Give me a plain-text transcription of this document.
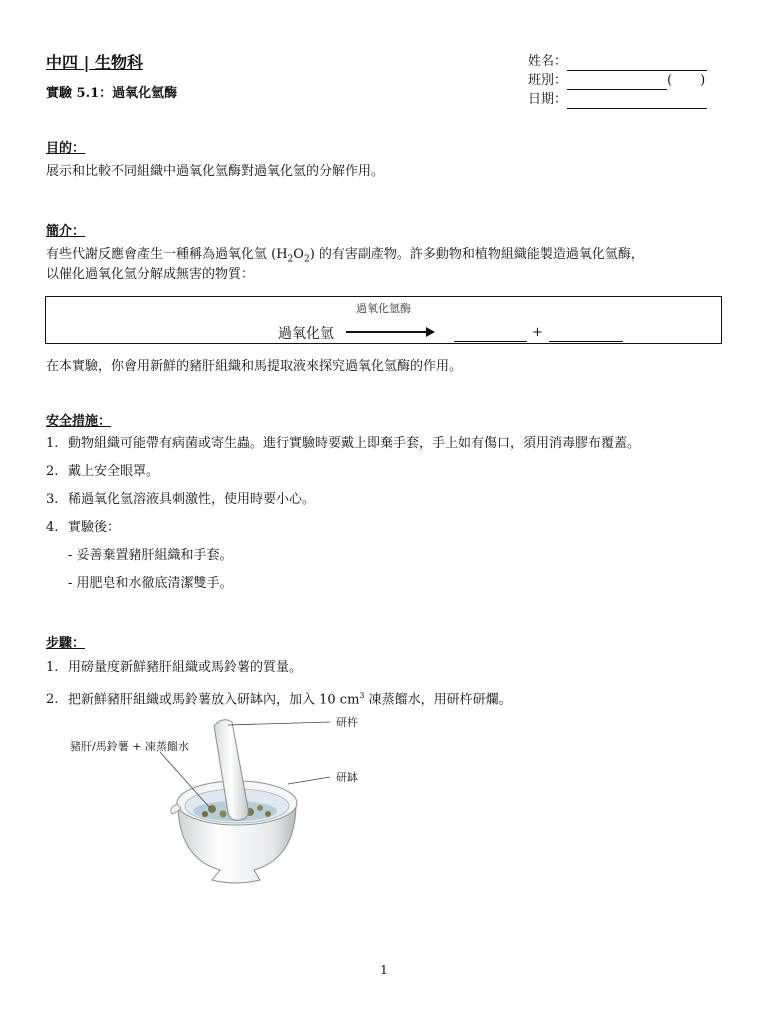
中四 | 生物科
實驗 5.1：過氧化氫酶
姓名：
班別：	( )
日期：
目的：
展示和比較不同組織中過氧化氫酶對過氧化氫的分解作用。
簡介：
有些代謝反應會產生一種稱為過氧化氫 $(H_2O_2)$ 的有害副產物。許多動物和植物組織能製造過氧化氫酶，
以催化過氧化氫分解成無害的物質：
過氧化氫酶
過氧化氫	+
在本實驗，你會用新鮮的豬肝組織和馬提取液來探究過氧化氫酶的作用。
安全措施：
1. 動物組織可能帶有病菌或寄生蟲。進行實驗時要戴上即棄手套，手上如有傷口，須用消毒膠布覆蓋。
2. 戴上安全眼罩。
3. 稀過氧化氫溶液具刺激性，使用時要小心。
4. 實驗後：
- 妥善棄置豬肝組織和手套。
- 用肥皂和水徹底清潔雙手。
步驟：
1. 用磅量度新鮮豬肝組織或馬鈴薯的質量。
2. 把新鮮豬肝組織或馬鈴薯放入研缽內，加入 10 $cm^3$ 凍蒸餾水，用研杵研爛。
研杵
研缽
豬肝/馬鈴薯 + 凍蒸餾水
1
